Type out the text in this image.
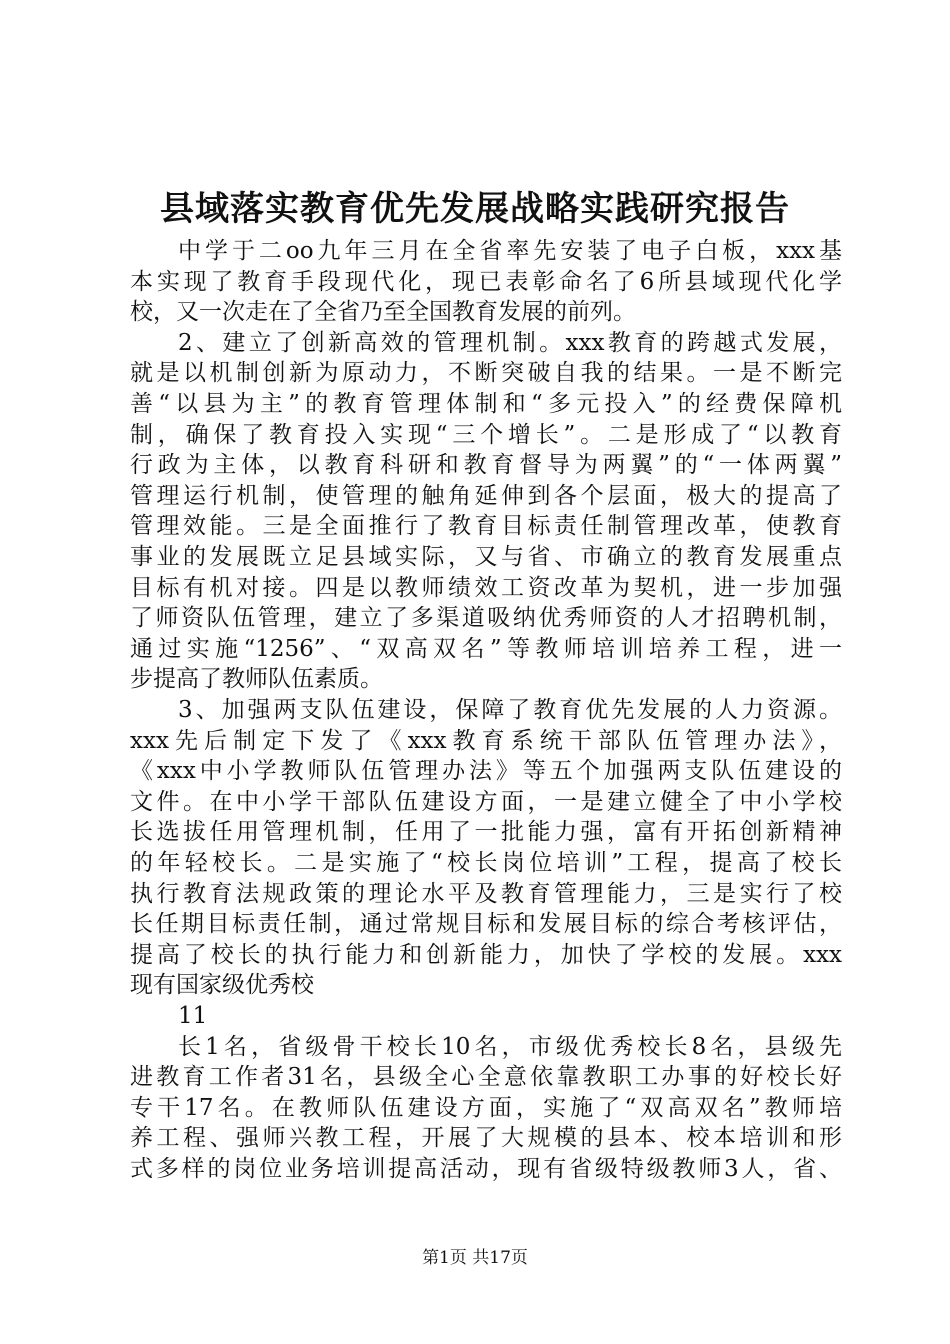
县域落实教育优先发展战略实践研究报告

中学于二oo九年三月在全省率先安装了电子白板，xxx基

本实现了教育手段现代化，现已表彰命名了6所县域现代化学

校，又一次走在了全省乃至全国教育发展的前列。

2、建立了创新高效的管理机制。xxx教育的跨越式发展，

就是以机制创新为原动力，不断突破自我的结果。一是不断完

善“以县为主”的教育管理体制和“多元投入”的经费保障机

制，确保了教育投入实现“三个增长”。二是形成了“以教育

行政为主体，以教育科研和教育督导为两翼”的“一体两翼”

管理运行机制，使管理的触角延伸到各个层面，极大的提高了

管理效能。三是全面推行了教育目标责任制管理改革，使教育

事业的发展既立足县域实际，又与省、市确立的教育发展重点

目标有机对接。四是以教师绩效工资改革为契机，进一步加强

了师资队伍管理，建立了多渠道吸纳优秀师资的人才招聘机制，

通过实施“1256”、“双高双名”等教师培训培养工程，进一

步提高了教师队伍素质。

3、加强两支队伍建设，保障了教育优先发展的人力资源。

xxx先后制定下发了《xxx教育系统干部队伍管理办法》，

《xxx中小学教师队伍管理办法》等五个加强两支队伍建设的

文件。在中小学干部队伍建设方面，一是建立健全了中小学校

长选拔任用管理机制，任用了一批能力强，富有开拓创新精神

的年轻校长。二是实施了“校长岗位培训”工程，提高了校长

执行教育法规政策的理论水平及教育管理能力，三是实行了校

长任期目标责任制，通过常规目标和发展目标的综合考核评估，

提高了校长的执行能力和创新能力，加快了学校的发展。xxx

现有国家级优秀校

11

长1名，省级骨干校长10名，市级优秀校长8名，县级先

进教育工作者31名，县级全心全意依靠教职工办事的好校长好

专干17名。在教师队伍建设方面，实施了“双高双名”教师培

养工程、强师兴教工程，开展了大规模的县本、校本培训和形

式多样的岗位业务培训提高活动，现有省级特级教师3人，省、

第1页 共17页
